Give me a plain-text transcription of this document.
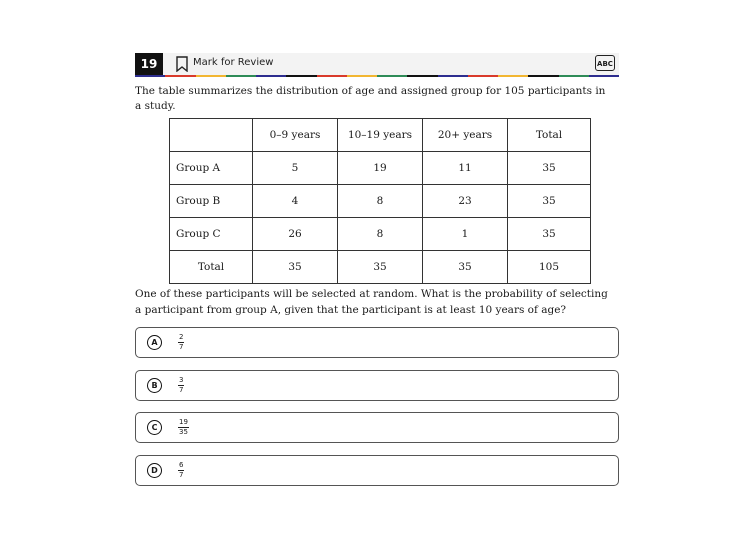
19	Mark for Review	ABC

The table summarizes the distribution of age and assigned group for 105 participants in a study.

	0–9 years	10–19 years	20+ years	Total
Group A	5	19	11	35
Group B	4	8	23	35
Group C	26	8	1	35
Total	35	35	35	105

One of these participants will be selected at random. What is the probability of selecting a participant from group A, given that the participant is at least 10 years of age?

A	$\frac{2}{7}$
B	$\frac{3}{7}$
C	$\frac{19}{35}$
D	$\frac{6}{7}$
